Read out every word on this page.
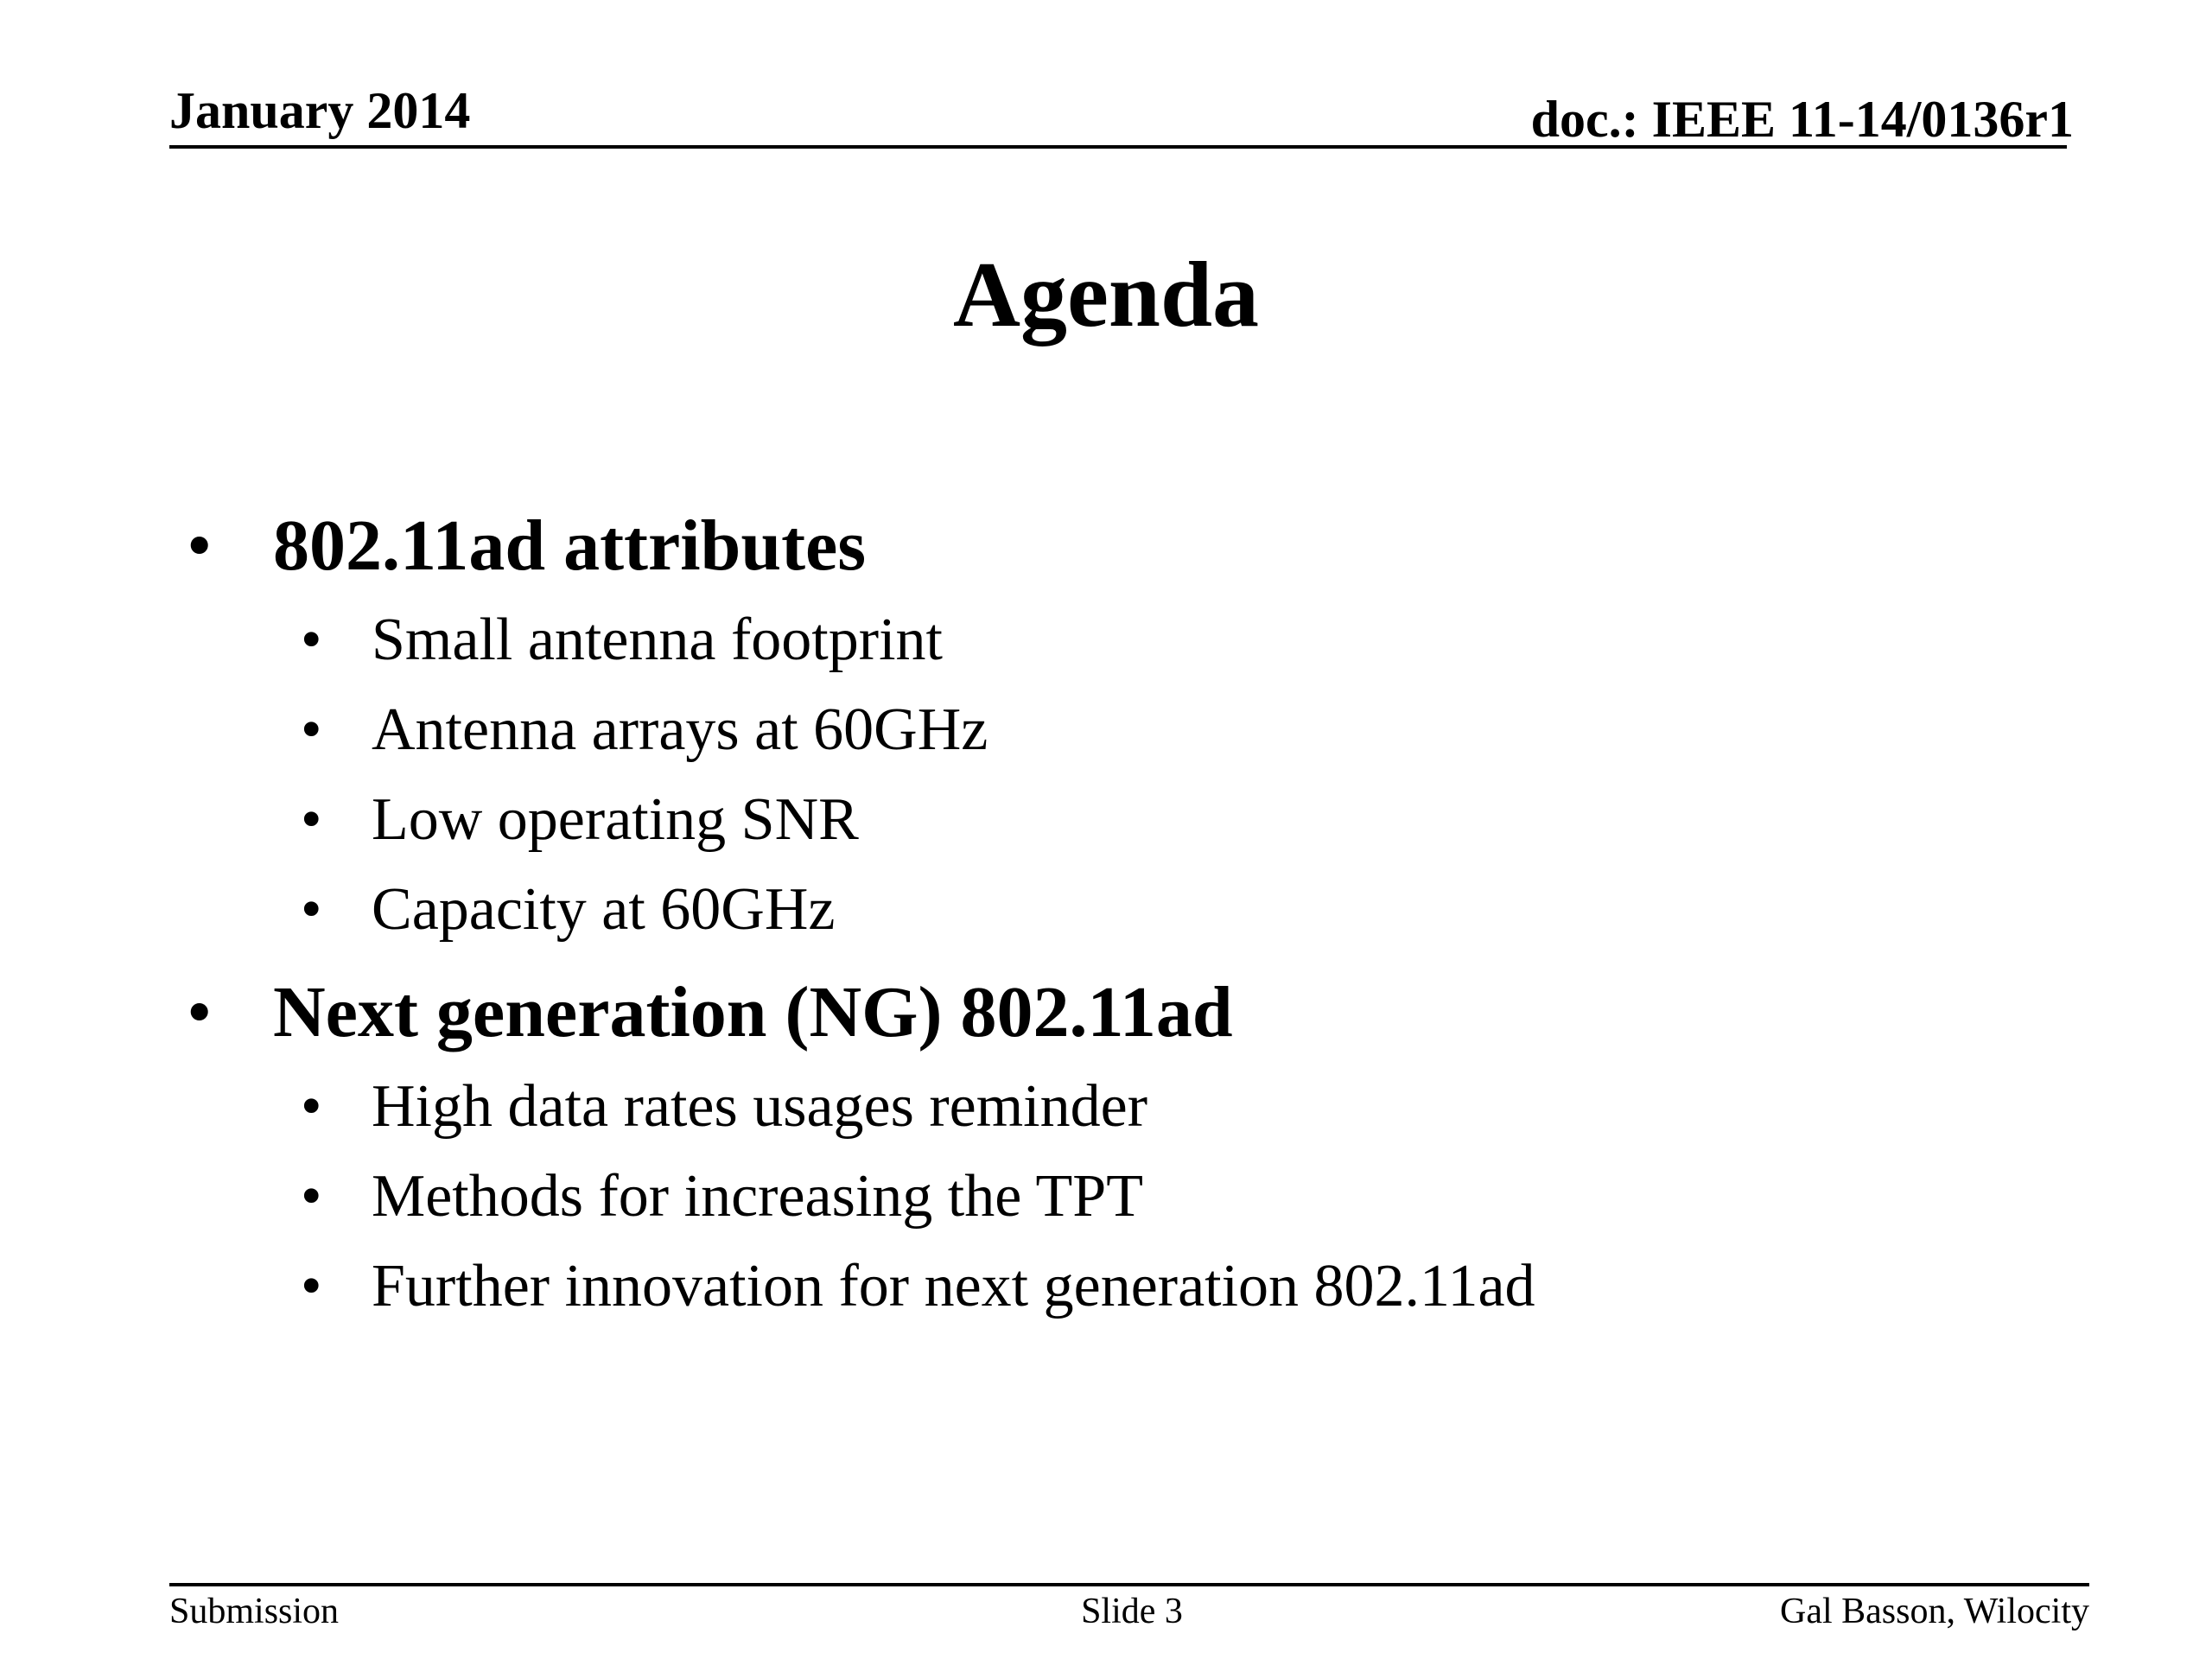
January 2014	doc.: IEEE 11-14/0136r1
Agenda
• 802.11ad attributes
• Small antenna footprint
• Antenna arrays at 60GHz
• Low operating SNR
• Capacity at 60GHz
• Next generation (NG) 802.11ad
• High data rates usages reminder
• Methods for increasing the TPT
• Further innovation for next generation 802.11ad
Submission	Slide 3	Gal Basson, Wilocity
